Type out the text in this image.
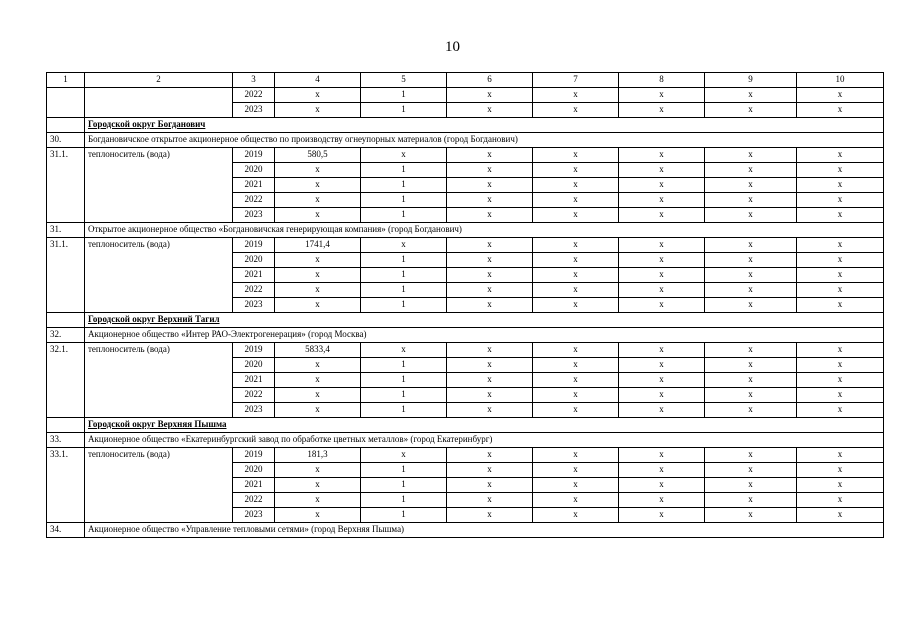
10
1	2	3	4	5	6	7	8	9	10
		2022	x	1	x	x	x	x	x
		2023	x	1	x	x	x	x	x
	Городской округ Богданович								
30.	Богдановичское открытое акционерное общество по производству огнеупорных материалов (город Богданович)								
31.1.	теплоноситель (вода)	2019	580,5	x	x	x	x	x	x
		2020	x	1	x	x	x	x	x
		2021	x	1	x	x	x	x	x
		2022	x	1	x	x	x	x	x
		2023	x	1	x	x	x	x	x
31.	Открытое акционерное общество «Богдановичская генерирующая компания» (город Богданович)								
31.1.	теплоноситель (вода)	2019	1741,4	x	x	x	x	x	x
		2020	x	1	x	x	x	x	x
		2021	x	1	x	x	x	x	x
		2022	x	1	x	x	x	x	x
		2023	x	1	x	x	x	x	x
	Городской округ Верхний Тагил								
32.	Акционерное общество «Интер РАО-Электрогенерация» (город Москва)								
32.1.	теплоноситель (вода)	2019	5833,4	x	x	x	x	x	x
		2020	x	1	x	x	x	x	x
		2021	x	1	x	x	x	x	x
		2022	x	1	x	x	x	x	x
		2023	x	1	x	x	x	x	x
	Городской округ Верхняя Пышма								
33.	Акционерное общество «Екатеринбургский завод по обработке цветных металлов» (город Екатеринбург)								
33.1.	теплоноситель (вода)	2019	181,3	x	x	x	x	x	x
		2020	x	1	x	x	x	x	x
		2021	x	1	x	x	x	x	x
		2022	x	1	x	x	x	x	x
		2023	x	1	x	x	x	x	x
34.	Акционерное общество «Управление тепловыми сетями» (город Верхняя Пышма)								
